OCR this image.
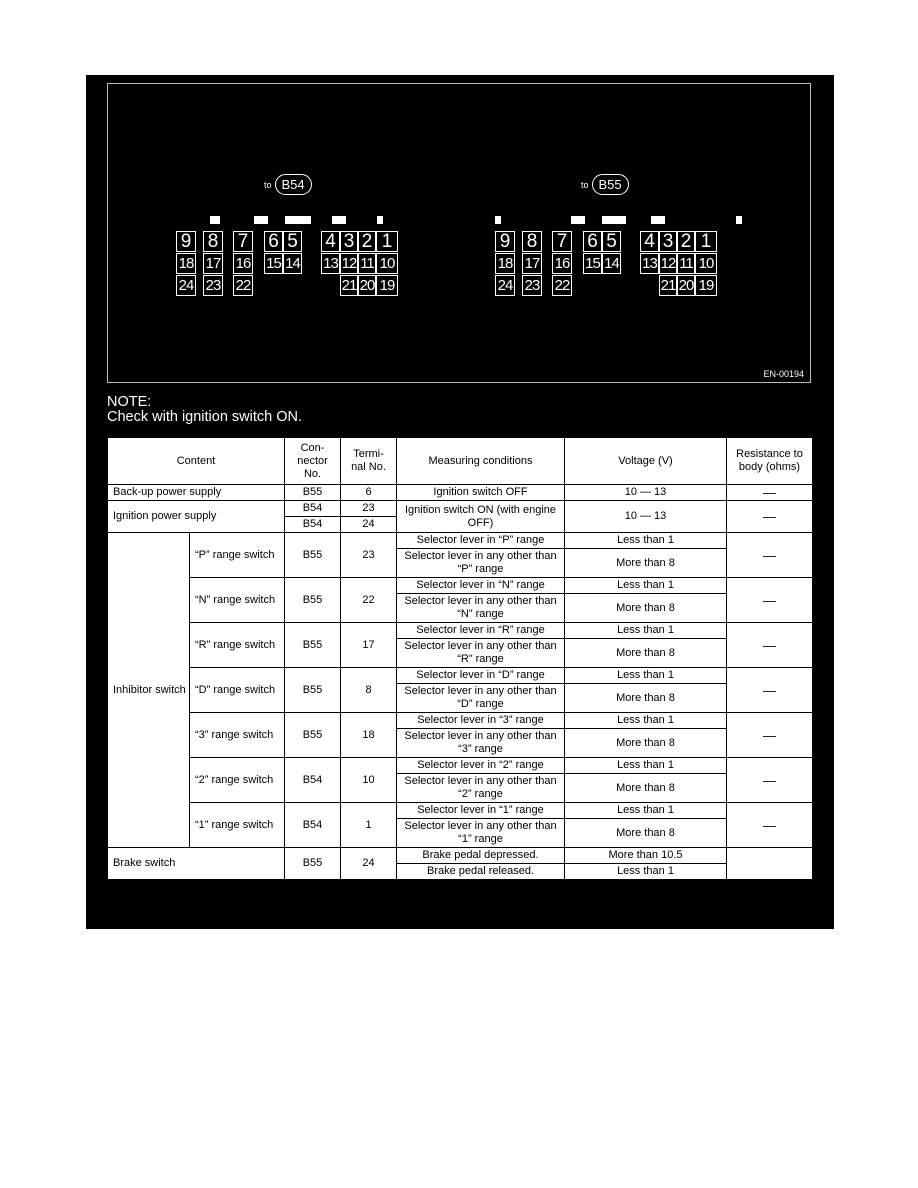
to B54	to B55
9 8 7 6 5 4 3 2 1
18 17 16 15 14 13 12 11 10
24 23 22	21 20 19
9 8 7 6 5 4 3 2 1
18 17 16 15 14 13 12 11 10
24 23 22	21 20 19
EN-00194
NOTE:
Check with ignition switch ON.
Content		Con-
nector
No.	Termi-
nal No.	Measuring conditions	Voltage (V)	Resistance to
body (ohms)
Back-up power supply		B55	6	Ignition switch OFF	10 — 13	—
Ignition power supply		B54	23	Ignition switch ON (with engine OFF)	10 — 13	—
		B54	24			
Inhibitor switch	“P” range switch	B55	23	Selector lever in “P” range	Less than 1	—
				Selector lever in any other than “P” range	More than 8	
	“N” range switch	B55	22	Selector lever in “N” range	Less than 1	—
				Selector lever in any other than “N” range	More than 8	
	“R” range switch	B55	17	Selector lever in “R” range	Less than 1	—
				Selector lever in any other than “R” range	More than 8	
	“D” range switch	B55	8	Selector lever in “D” range	Less than 1	—
				Selector lever in any other than “D” range	More than 8	
	“3” range switch	B55	18	Selector lever in “3” range	Less than 1	—
				Selector lever in any other than “3” range	More than 8	
	“2” range switch	B54	10	Selector lever in “2” range	Less than 1	—
				Selector lever in any other than “2” range	More than 8	
	“1” range switch	B54	1	Selector lever in “1” range	Less than 1	—
				Selector lever in any other than “1” range	More than 8	
Brake switch		B55	24	Brake pedal depressed.	More than 10.5	
				Brake pedal released.	Less than 1	
